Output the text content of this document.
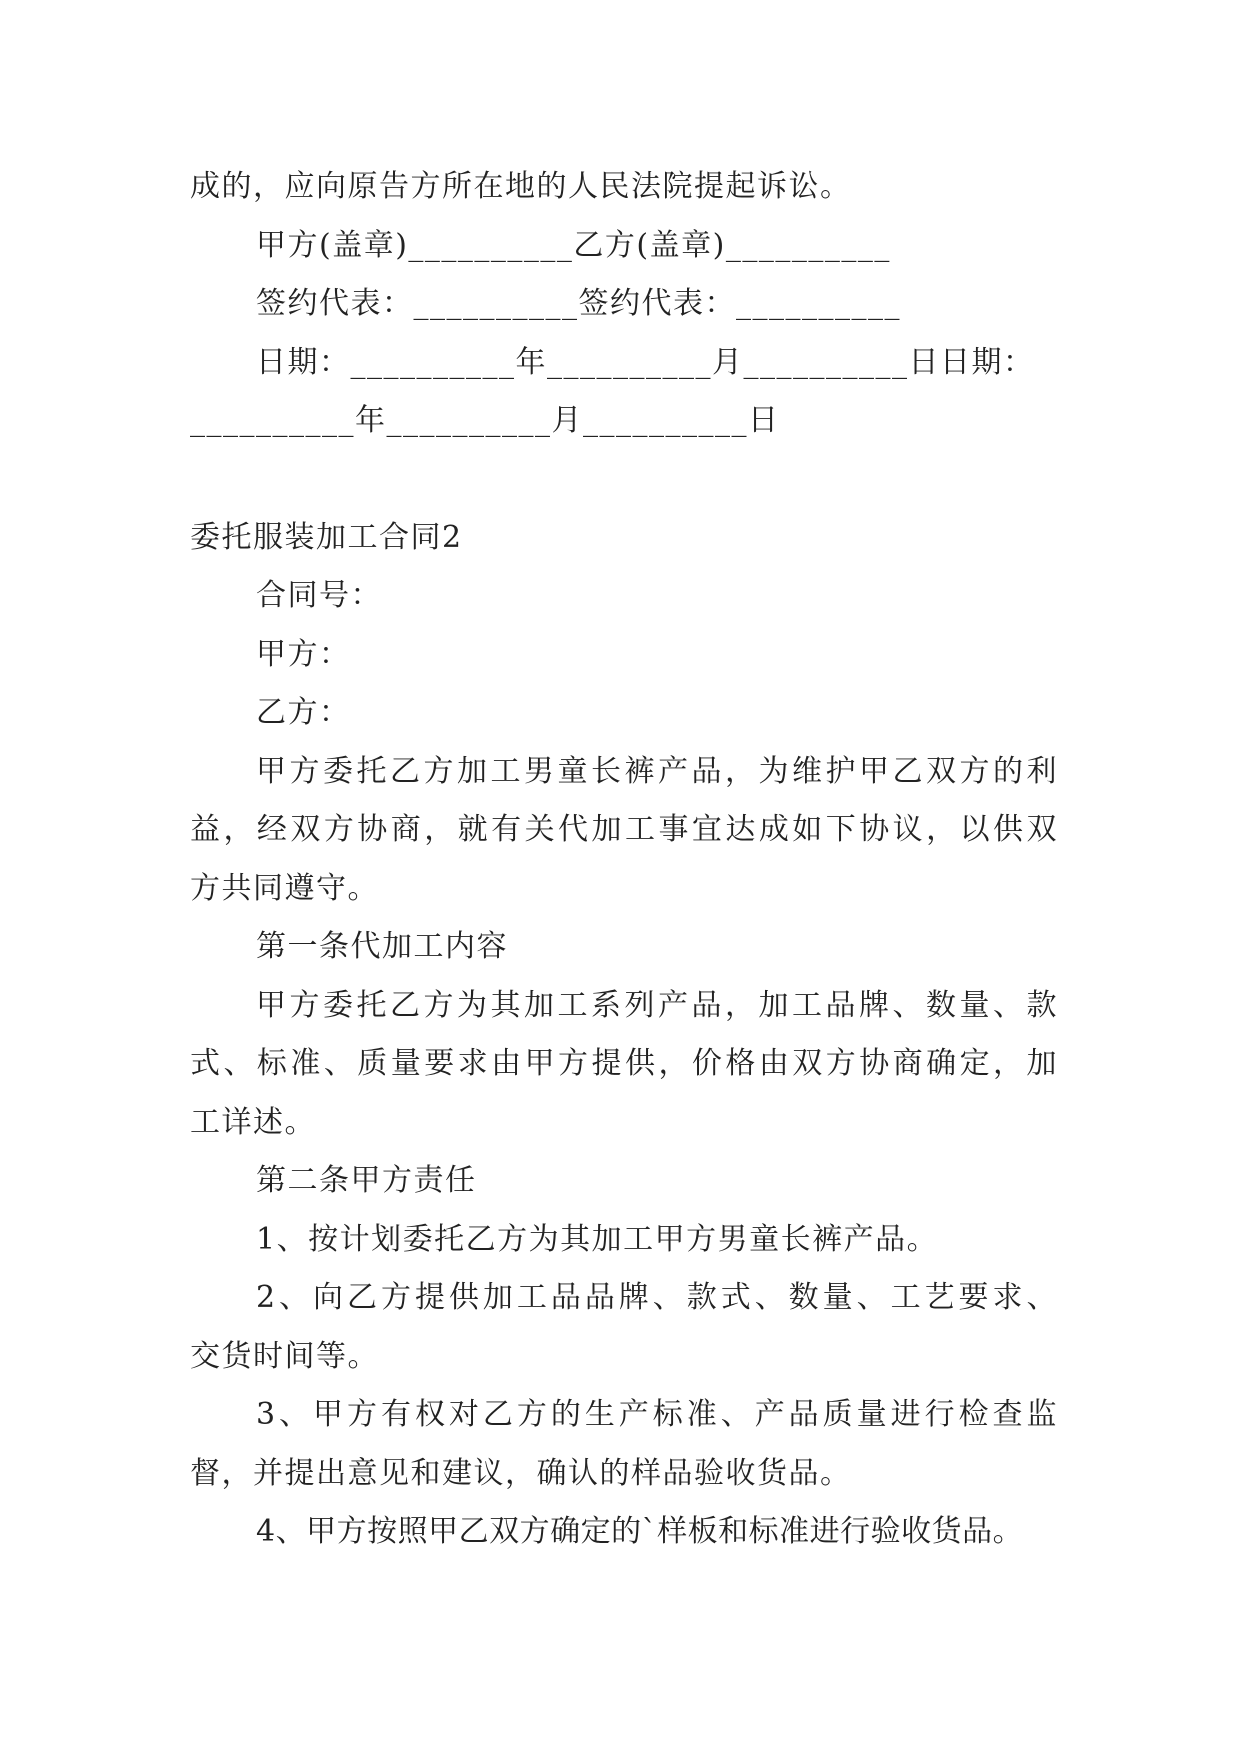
成的，应向原告方所在地的人民法院提起诉讼。
甲方(盖章)__________乙方(盖章)__________
签约代表：__________签约代表：__________
日期：__________年__________月__________日日期：
__________年__________月__________日
委托服装加工合同2
合同号：
甲方：
乙方：
甲方委托乙方加工男童长裤产品，为维护甲乙双方的利
益，经双方协商，就有关代加工事宜达成如下协议，以供双
方共同遵守。
第一条代加工内容
甲方委托乙方为其加工系列产品，加工品牌、数量、款
式、标准、质量要求由甲方提供，价格由双方协商确定，加
工详述。
第二条甲方责任
1、按计划委托乙方为其加工甲方男童长裤产品。
2、向乙方提供加工品品牌、款式、数量、工艺要求、
交货时间等。
3、甲方有权对乙方的生产标准、产品质量进行检查监
督，并提出意见和建议，确认的样品验收货品。
4、甲方按照甲乙双方确定的`样板和标准进行验收货品。
